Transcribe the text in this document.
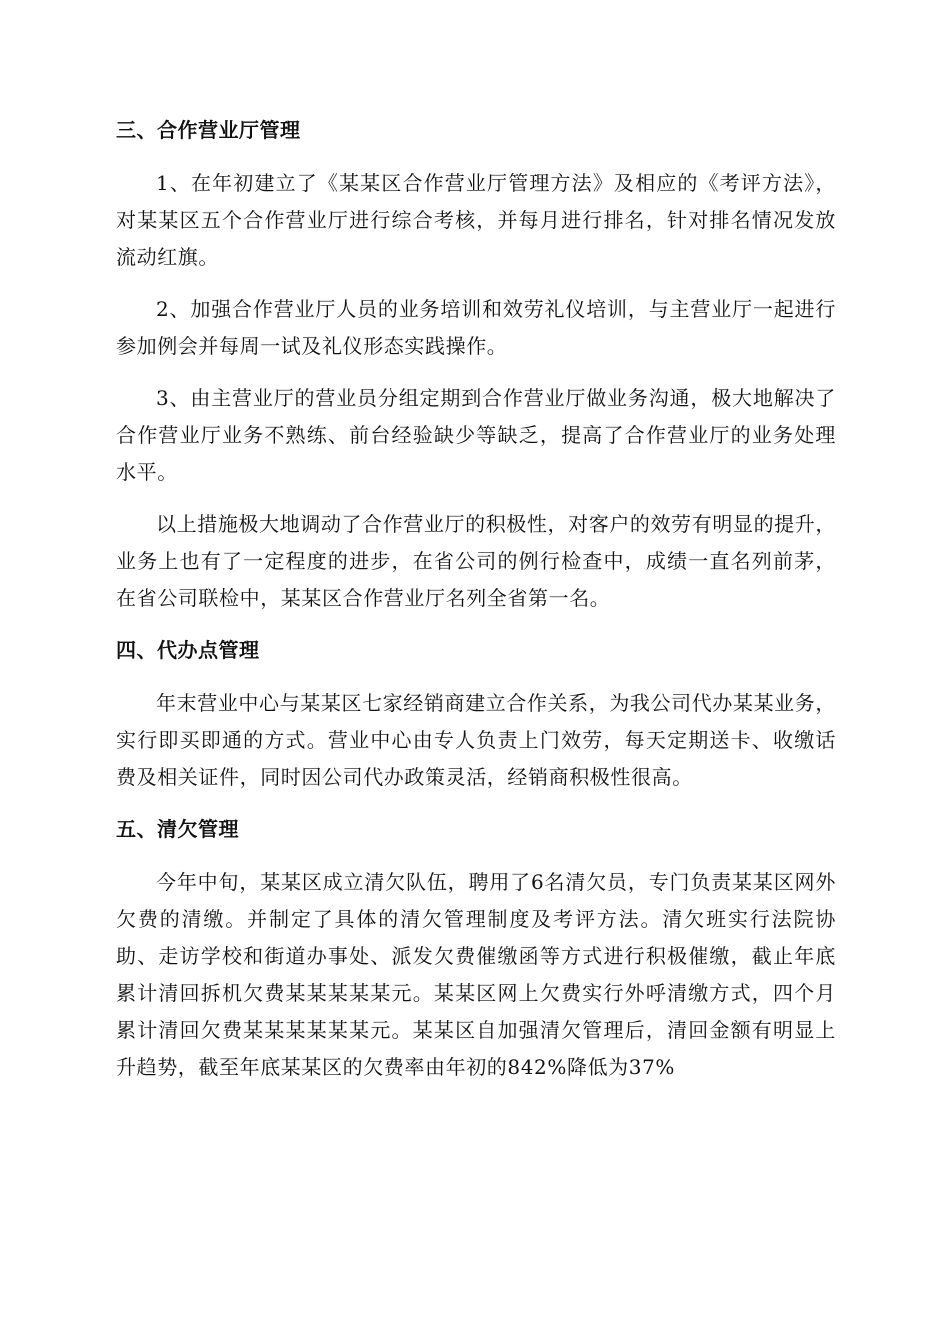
三、合作营业厅管理

1、在年初建立了《某某区合作营业厅管理方法》及相应的《考评方法》，对某某区五个合作营业厅进行综合考核，并每月进行排名，针对排名情况发放流动红旗。

2、加强合作营业厅人员的业务培训和效劳礼仪培训，与主营业厅一起进行参加例会并每周一试及礼仪形态实践操作。

3、由主营业厅的营业员分组定期到合作营业厅做业务沟通，极大地解决了合作营业厅业务不熟练、前台经验缺少等缺乏，提高了合作营业厅的业务处理水平。

以上措施极大地调动了合作营业厅的积极性，对客户的效劳有明显的提升，业务上也有了一定程度的进步，在省公司的例行检查中，成绩一直名列前茅，在省公司联检中，某某区合作营业厅名列全省第一名。

四、代办点管理

年末营业中心与某某区七家经销商建立合作关系，为我公司代办某某业务，实行即买即通的方式。营业中心由专人负责上门效劳，每天定期送卡、收缴话费及相关证件，同时因公司代办政策灵活，经销商积极性很高。

五、清欠管理

今年中旬，某某区成立清欠队伍，聘用了6名清欠员，专门负责某某区网外欠费的清缴。并制定了具体的清欠管理制度及考评方法。清欠班实行法院协助、走访学校和街道办事处、派发欠费催缴函等方式进行积极催缴，截止年底累计清回拆机欠费某某某某某元。某某区网上欠费实行外呼清缴方式，四个月累计清回欠费某某某某某某元。某某区自加强清欠管理后，清回金额有明显上升趋势，截至年底某某区的欠费率由年初的842%降低为37%
